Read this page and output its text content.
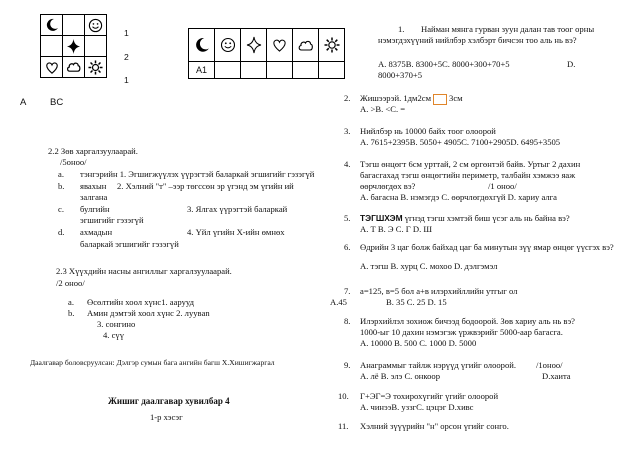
1
2
1
A BC

A1					
2.2 Зөв харгалзуулаарай.
/5оноо/
a. тэнгэрийн 1. Эгшигжүүлэх үүрэгтэй баларкай эгшигийг гэзэгүй
b. явахын 2. Хэлний "т" –ээр төгссөн эр үгэнд эм үгийн ий
залгана
c. булгийн	3. Ялгах үүрэгтэй баларкай
эгшигийг гэзэгүй
d. ахмадын	4. Үйл үгийн Х-ийн өмнөх
баларкай эгшигийг гэзэгүй
2.3 Хүүхдийн насны ангиллыг харгалзуулаарай.
/2 оноо/
a. Өсөлтийн хоол хүнс1. аарууд
b. Амин дэмтэй хоол хүнс 2. луувan
3. сонгино
4. сүү
Даалгавар боловсруулсан: Дэлгэр сумын бага ангийн багш Х.Хишигжаргал
Жишиг даалгавар хувилбар 4
1-р хэсэг
1. Найман мянга гурван зуун далан тав тоог орны
нэмэгдэхүүний нийлбэр хэлбэрт бичсэн тоо аль нь вэ?
А. 8375В. 8300+5C. 8000+300+70+5	D.
8000+370+5
2. Жишээрэй. 1дм2см 3см
А. >В. <C. =
3. Нийлбэр нь 10000 байх тоог олоорой
А. 7615+2395В. 5050+ 4905C. 7100+2905D. 6495+3505
4. Тэгш өнцөгт 6см урттай, 2 см өргөнтэй байв. Уртыг 2 дахин
багасгахад тэгш өнцөгтийн периметр, талбайн хэмжээ яаж
өөрчлөгдөх вэ?	/1 оноо/
А. багасна В. нэмэгдэ С. өөрчлөгдөхгүй D. хариу алга
5. ТЭГШХЭМ үгнэд тэгш хэмтэй биш үсэг аль нь байна вэ?
А. Т В. Э С. Г D. Ш
6. Өдрийн 3 цаг болж байхад цаг ба минутын зүү ямар өнцөг үүсгэх вэ?
А. тэгш В. хурц С. мохоо D. дэлгэмэл
7. а=125, в=5 бол а+в илэрхийллийн утгыг ол
А.45	В. 35 С. 25 D. 15
8. Илэрхийлэл зохиож бичээд бодоорой. Зөв хариу аль нь вэ?
1000-ыг 10 дахин нэмэгэж үржвэрийг 5000-аар багасга.
А. 10000 В. 500 С. 1000 D. 5000
9. Анаграммыг тайлж нэрүүд үгийг олоорой. /1оноо/
А. лё В. элэ С. онкоор	D.хаита
10. Г+ЭГ=Э тохирохүгийг үгийг олоорой
А. чинээВ. уззгС. цэцэг D.хивс
11. Хэлний зүүүрийн "н" орсон үгийг сонго.
